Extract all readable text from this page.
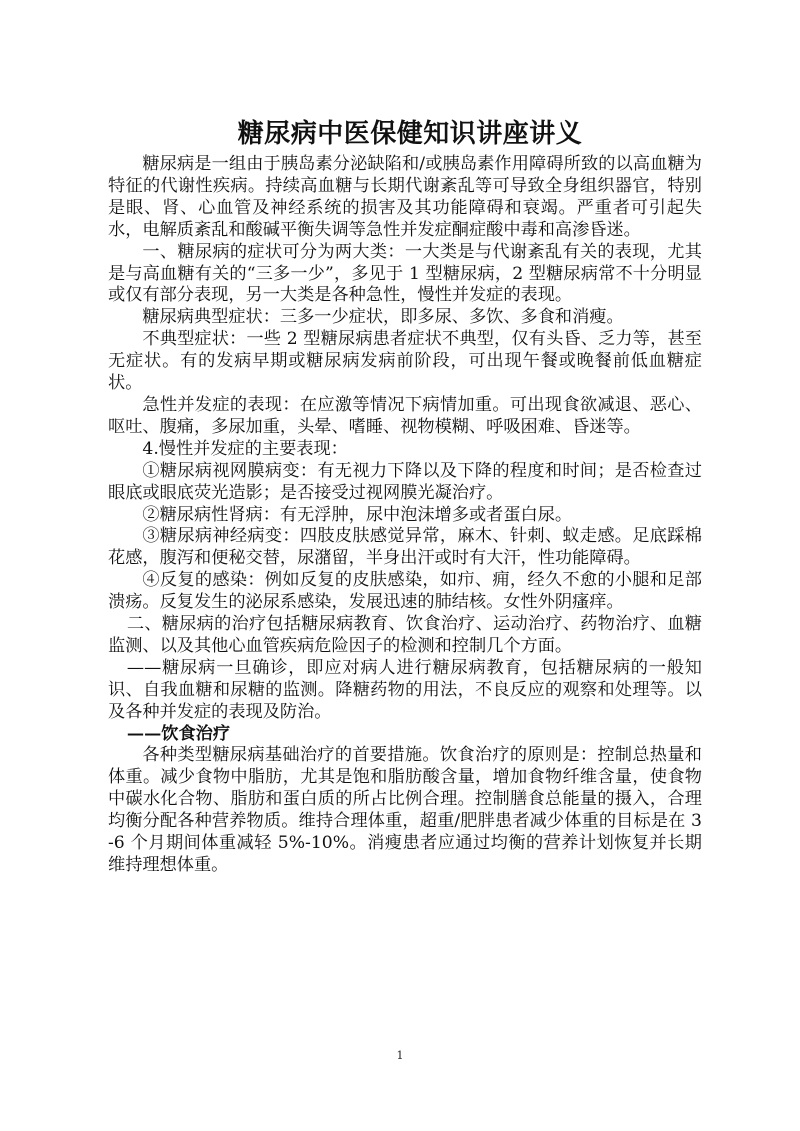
糖尿病中医保健知识讲座讲义

糖尿病是一组由于胰岛素分泌缺陷和/或胰岛素作用障碍所致的以高血糖为特征的代谢性疾病。持续高血糖与长期代谢紊乱等可导致全身组织器官，特别是眼、肾、心血管及神经系统的损害及其功能障碍和衰竭。严重者可引起失水，电解质紊乱和酸碱平衡失调等急性并发症酮症酸中毒和高渗昏迷。

一、糖尿病的症状可分为两大类：一大类是与代谢紊乱有关的表现，尤其是与高血糖有关的“三多一少”，多见于 1 型糖尿病，2 型糖尿病常不十分明显或仅有部分表现，另一大类是各种急性，慢性并发症的表现。

糖尿病典型症状：三多一少症状，即多尿、多饮、多食和消瘦。

不典型症状：一些 2 型糖尿病患者症状不典型，仅有头昏、乏力等，甚至无症状。有的发病早期或糖尿病发病前阶段，可出现午餐或晚餐前低血糖症状。

急性并发症的表现：在应激等情况下病情加重。可出现食欲减退、恶心、呕吐、腹痛，多尿加重，头晕、嗜睡、视物模糊、呼吸困难、昏迷等。

4.慢性并发症的主要表现：

①糖尿病视网膜病变：有无视力下降以及下降的程度和时间；是否检查过眼底或眼底荧光造影；是否接受过视网膜光凝治疗。

②糖尿病性肾病：有无浮肿，尿中泡沫增多或者蛋白尿。

③糖尿病神经病变：四肢皮肤感觉异常，麻木、针刺、蚁走感。足底踩棉花感，腹泻和便秘交替，尿潴留，半身出汗或时有大汗，性功能障碍。

④反复的感染：例如反复的皮肤感染，如疖、痈，经久不愈的小腿和足部溃疡。反复发生的泌尿系感染，发展迅速的肺结核。女性外阴瘙痒。

二、糖尿病的治疗包括糖尿病教育、饮食治疗、运动治疗、药物治疗、血糖监测、以及其他心血管疾病危险因子的检测和控制几个方面。

——糖尿病一旦确诊，即应对病人进行糖尿病教育，包括糖尿病的一般知识、自我血糖和尿糖的监测。降糖药物的用法，不良反应的观察和处理等。以及各种并发症的表现及防治。

——饮食治疗

各种类型糖尿病基础治疗的首要措施。饮食治疗的原则是：控制总热量和体重。减少食物中脂肪，尤其是饱和脂肪酸含量，增加食物纤维含量，使食物中碳水化合物、脂肪和蛋白质的所占比例合理。控制膳食总能量的摄入，合理均衡分配各种营养物质。维持合理体重，超重/肥胖患者减少体重的目标是在 3-6 个月期间体重减轻 5%-10%。消瘦患者应通过均衡的营养计划恢复并长期维持理想体重。

1
